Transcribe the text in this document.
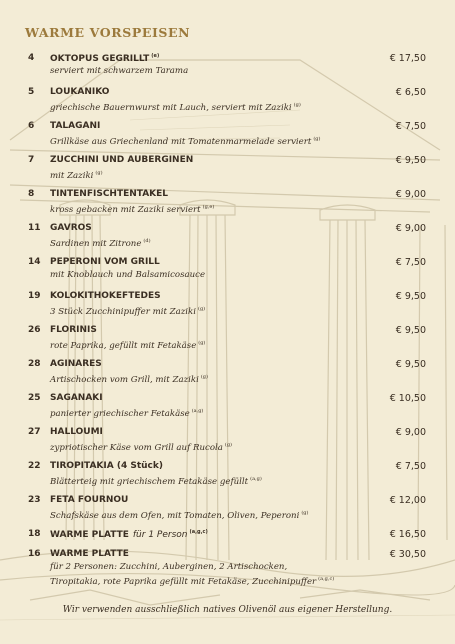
WARME VORSPEISEN
4 OKTOPUS GEGRILLT $^{(e)}$	€ 17,50
serviert mit schwarzem Tarama
5 LOUKANIKO	€ 6,50
griechische Bauernwurst mit Lauch, serviert mit Zaziki $^{(g)}$
6 TALAGANI	€ 7,50
Grillkäse aus Griechenland mit Tomatenmarmelade serviert $^{(g)}$
7 ZUCCHINI UND AUBERGINEN	€ 9,50
mit Zaziki $^{(g)}$
8 TINTENFISCHTENTAKEL	€ 9,00
kross gebacken mit Zaziki serviert $^{(g,e)}$
11 GAVROS	€ 9,00
Sardinen mit Zitrone $^{(d)}$
14 PEPERONI VOM GRILL	€ 7,50
mit Knoblauch und Balsamicosauce
19 KOLOKITHOKEFTEDES	€ 9,50
3 Stück Zucchinipuffer mit Zaziki $^{(g)}$
26 FLORINIS	€ 9,50
rote Paprika, gefüllt mit Fetakäse $^{(g)}$
28 AGINARES	€ 9,50
Artischocken vom Grill, mit Zaziki $^{(g)}$
25 SAGANAKI	€ 10,50
panierter griechischer Fetakäse $^{(a,g)}$
27 HALLOUMI	€ 9,00
zypriotischer Käse vom Grill auf Rucola $^{(g)}$
22 TIROPITAKIA (4 Stück)	€ 7,50
Blätterteig mit griechischem Fetakäse gefüllt $^{(a,g)}$
23 FETA FOURNOU	€ 12,00
Schafskäse aus dem Ofen, mit Tomaten, Oliven, Peperoni $^{(g)}$
18 WARME PLATTE für 1 Person $^{(a,g,c)}$	€ 16,50
16 WARME PLATTE	€ 30,50
für 2 Personen: Zucchini, Auberginen, 2 Artischocken,
Tiropitakia, rote Paprika gefüllt mit Fetakäse, Zucchinipuffer $^{(a,g,c)}$
Wir verwenden ausschließlich natives Olivenöl aus eigener Herstellung.
